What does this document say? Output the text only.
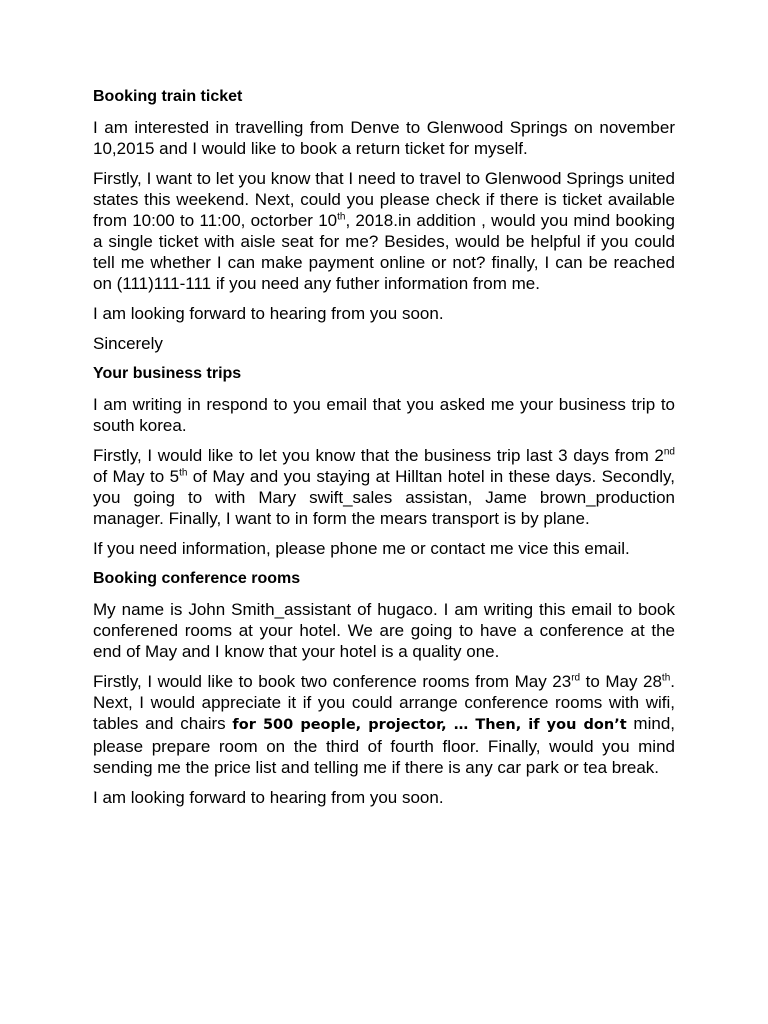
Booking train ticket

I am interested in travelling from Denve to Glenwood Springs on november 10,2015 and I would like to book a return ticket for myself.

Firstly, I want to let you know that I need to travel to Glenwood Springs united states this weekend. Next, could you please check if there is ticket available from 10:00 to 11:00, octorber 10th, 2018.in addition , would you mind booking a single ticket with aisle seat for me? Besides, would be helpful if you could tell me whether I can make payment online or not? finally, I can be reached on (111)111-111 if you need any futher information from me.

I am looking forward to hearing from you soon.

Sincerely

Your business trips

I am writing in respond to you email that you asked me your business trip to south korea.

Firstly, I would like to let you know that the business trip last 3 days from 2nd of May to 5th of May and you staying at Hilltan hotel in these days. Secondly, you going to with Mary swift_sales assistan, Jame brown_production manager. Finally, I want to in form the mears transport is by plane.

If you need information, please phone me or contact me vice this email.

Booking conference rooms

My name is John Smith_assistant of hugaco. I am writing this email to book conferened rooms at your hotel. We are going to have a conference at the end of May and I know that your hotel is a quality one.

Firstly, I would like to book two conference rooms from May 23rd to May 28th. Next, I would appreciate it if you could arrange conference rooms with wifi, tables and chairs for 500 people, projector, … Then, if you don’t mind, please prepare room on the third of fourth floor. Finally, would you mind sending me the price list and telling me if there is any car park or tea break.

I am looking forward to hearing from you soon.
